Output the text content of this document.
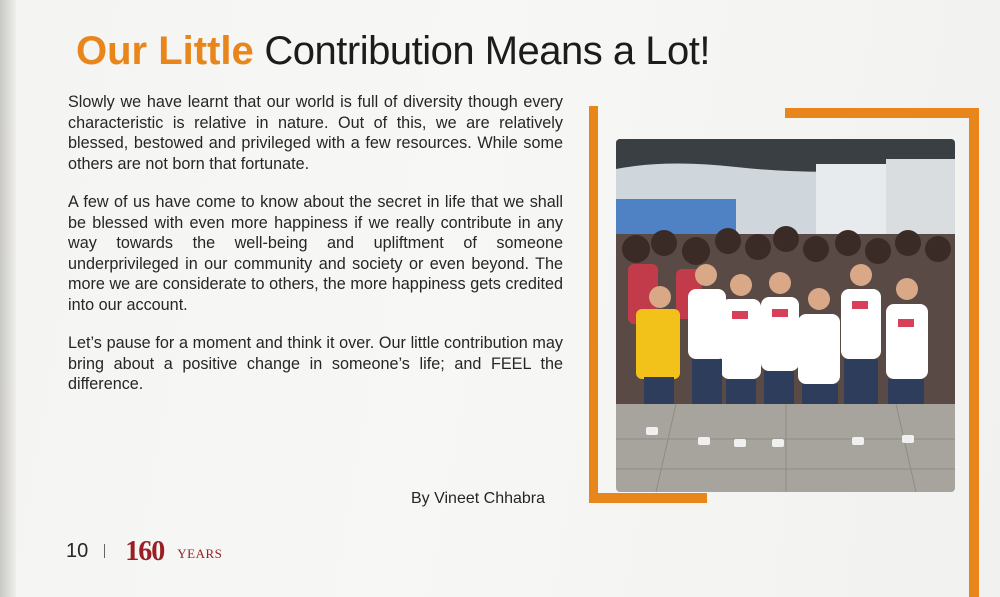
Our Little Contribution Means a Lot!

Slowly we have learnt that our world is full of diversity though every characteristic is relative in nature. Out of this, we are relatively blessed, bestowed and privileged with a few resources. While some others are not born that fortunate.

A few of us have come to know about the secret in life that we shall be blessed with even more happiness if we really contribute in any way towards the well-being and upliftment of someone underprivileged in our community and society or even beyond. The more we are considerate to others, the more happiness gets credited into our account.

Let’s pause for a moment and think it over. Our little contribution may bring about a positive change in someone’s life; and FEEL the difference.

By Vineet Chhabra
10 160 YEARS
